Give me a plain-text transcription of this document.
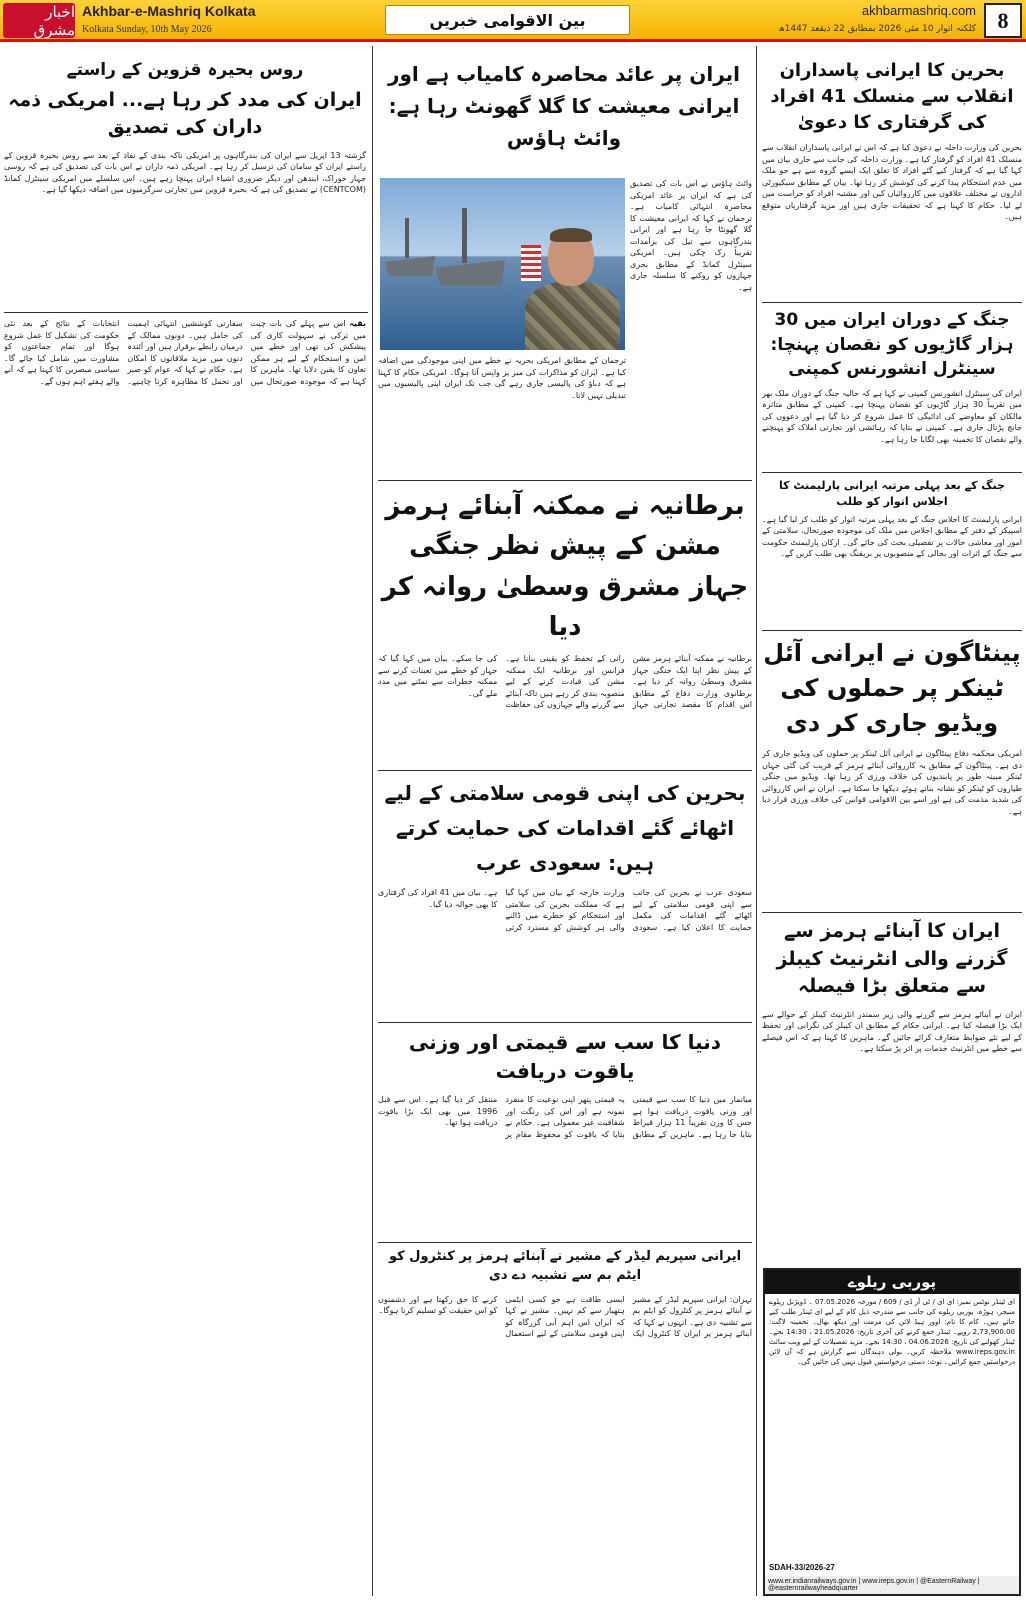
اخبار مشرق
Akhbar-e-Mashriq Kolkata
Kolkata Sunday, 10th May 2026	بین الاقوامی خبریں	akhbarmashriq.com
کلکتہ اتوار 10 مئی 2026 بمطابق 22 ذیقعد 1447ھ 8
بحرین کا ایرانی پاسداران انقلاب سے منسلک 41 افراد کی گرفتاری کا دعویٰ
بحرین کی وزارت داخلہ نے دعویٰ کیا ہے کہ اس نے ایرانی پاسداران انقلاب سے منسلک 41 افراد کو گرفتار کیا ہے۔ وزارت داخلہ کی جانب سے جاری بیان میں کہا گیا ہے کہ گرفتار کیے گئے افراد کا تعلق ایک ایسے گروہ سے ہے جو ملک میں عدم استحکام پیدا کرنے کی کوشش کر رہا تھا۔ بیان کے مطابق سیکیورٹی اداروں نے مختلف علاقوں میں کارروائیاں کیں اور مشتبہ افراد کو حراست میں لے لیا۔ حکام کا کہنا ہے کہ تحقیقات جاری ہیں اور مزید گرفتاریاں متوقع ہیں۔
جنگ کے دوران ایران میں 30 ہزار گاڑیوں کو نقصان پہنچا: سینٹرل انشورنس کمپنی
ایران کی سینٹرل انشورنس کمپنی نے کہا ہے کہ حالیہ جنگ کے دوران ملک بھر میں تقریباً 30 ہزار گاڑیوں کو نقصان پہنچا ہے۔ کمپنی کے مطابق متاثرہ مالکان کو معاوضے کی ادائیگی کا عمل شروع کر دیا گیا ہے اور دعووں کی جانچ پڑتال جاری ہے۔ کمپنی نے بتایا کہ رہائشی اور تجارتی املاک کو پہنچنے والے نقصان کا تخمینہ بھی لگایا جا رہا ہے۔
جنگ کے بعد پہلی مرتبہ ایرانی پارلیمنٹ کا اجلاس اتوار کو طلب
ایرانی پارلیمنٹ کا اجلاس جنگ کے بعد پہلی مرتبہ اتوار کو طلب کر لیا گیا ہے۔ اسپیکر کے دفتر کے مطابق اجلاس میں ملک کی موجودہ صورتحال، سلامتی کے امور اور معاشی حالات پر تفصیلی بحث کی جائے گی۔ ارکان پارلیمنٹ حکومت سے جنگ کے اثرات اور بحالی کے منصوبوں پر بریفنگ بھی طلب کریں گے۔
پینٹاگون نے ایرانی آئل ٹینکر پر حملوں کی ویڈیو جاری کر دی
امریکی محکمہ دفاع پینٹاگون نے ایرانی آئل ٹینکر پر حملوں کی ویڈیو جاری کر دی ہے۔ پینٹاگون کے مطابق یہ کارروائی آبنائے ہرمز کے قریب کی گئی جہاں ٹینکر مبینہ طور پر پابندیوں کی خلاف ورزی کر رہا تھا۔ ویڈیو میں جنگی طیاروں کو ٹینکر کو نشانہ بناتے ہوئے دیکھا جا سکتا ہے۔ ایران نے اس کارروائی کی شدید مذمت کی ہے اور اسے بین الاقوامی قوانین کی خلاف ورزی قرار دیا ہے۔
ایران کا آبنائے ہرمز سے گزرنے والی انٹرنیٹ کیبلز سے متعلق بڑا فیصلہ
ایران نے آبنائے ہرمز سے گزرنے والی زیر سمندر انٹرنیٹ کیبلز کے حوالے سے ایک بڑا فیصلہ کیا ہے۔ ایرانی حکام کے مطابق ان کیبلز کی نگرانی اور تحفظ کے لیے نئے ضوابط متعارف کرائے جائیں گے۔ ماہرین کا کہنا ہے کہ اس فیصلے سے خطے میں انٹرنیٹ خدمات پر اثر پڑ سکتا ہے۔
پوربی ریلوے
ای ٹینڈر نوٹس نمبر: ای ای / ٹی آر ڈی / 609 / مورخہ 07.05.2026 ۔ ڈویژنل ریلوے منیجر، ہوڑہ، پوربی ریلوے کی جانب سے مندرجہ ذیل کام کے لیے ای ٹینڈر طلب کیے جاتے ہیں۔ کام کا نام: اوور ہیڈ لائن کی مرمت اور دیکھ بھال۔ تخمینہ لاگت: 2,73,900.00 روپے۔ ٹینڈر جمع کرنے کی آخری تاریخ: 21.05.2026 ، 14:30 بجے۔ ٹینڈر کھولنے کی تاریخ: 04.06.2026 ، 14:30 بجے۔ مزید تفصیلات کے لیے ویب سائٹ www.ireps.gov.in ملاحظہ کریں۔ بولی دہندگان سے گزارش ہے کہ آن لائن درخواستیں جمع کرائیں۔ نوٹ: دستی درخواستیں قبول نہیں کی جائیں گی۔
SDAH-33/2026-27
www.er.indianrailways.gov.in | www.ireps.gov.in | @EasternRailway | @easternrailwayheadquarter
ایران پر عائد محاصرہ کامیاب ہے اور ایرانی معیشت کا گلا گھونٹ رہا ہے: وائٹ ہاؤس
وائٹ ہاؤس نے اس بات کی تصدیق کی ہے کہ ایران پر عائد امریکی محاصرہ انتہائی کامیاب ہے۔ ترجمان نے کہا کہ ایرانی معیشت کا گلا گھونٹا جا رہا ہے اور ایرانی بندرگاہوں سے تیل کی برآمدات تقریباً رک چکی ہیں۔ امریکی سینٹرل کمانڈ کے مطابق بحری جہازوں کو روکنے کا سلسلہ جاری ہے۔
ترجمان کے مطابق امریکی بحریہ نے خطے میں اپنی موجودگی میں اضافہ کیا ہے۔ ایران کو مذاکرات کی میز پر واپس آنا ہوگا۔ امریکی حکام کا کہنا ہے کہ دباؤ کی پالیسی جاری رہے گی جب تک ایران اپنی پالیسیوں میں تبدیلی نہیں لاتا۔
برطانیہ نے ممکنہ آبنائے ہرمز مشن کے پیش نظر جنگی جہاز مشرق وسطیٰ روانہ کر دیا
برطانیہ نے ممکنہ آبنائے ہرمز مشن کے پیش نظر اپنا ایک جنگی جہاز مشرق وسطیٰ روانہ کر دیا ہے۔ برطانوی وزارت دفاع کے مطابق اس اقدام کا مقصد تجارتی جہاز رانی کے تحفظ کو یقینی بنانا ہے۔ فرانس اور برطانیہ ایک ممکنہ مشن کی قیادت کرنے کے لیے منصوبہ بندی کر رہے ہیں تاکہ آبنائے سے گزرنے والے جہازوں کی حفاظت کی جا سکے۔ بیان میں کہا گیا کہ جہاز کو خطے میں تعینات کرنے سے ممکنہ خطرات سے نمٹنے میں مدد ملے گی۔
بحرین کی اپنی قومی سلامتی کے لیے اٹھائے گئے اقدامات کی حمایت کرتے ہیں: سعودی عرب
سعودی عرب نے بحرین کی جانب سے اپنی قومی سلامتی کے لیے اٹھائے گئے اقدامات کی مکمل حمایت کا اعلان کیا ہے۔ سعودی وزارت خارجہ کے بیان میں کہا گیا ہے کہ مملکت بحرین کی سلامتی اور استحکام کو خطرے میں ڈالنے والی ہر کوشش کو مسترد کرتی ہے۔ بیان میں 41 افراد کی گرفتاری کا بھی حوالہ دیا گیا۔
دنیا کا سب سے قیمتی اور وزنی یاقوت دریافت
میانمار میں دنیا کا سب سے قیمتی اور وزنی یاقوت دریافت ہوا ہے جس کا وزن تقریباً 11 ہزار قیراط بتایا جا رہا ہے۔ ماہرین کے مطابق یہ قیمتی پتھر اپنی نوعیت کا منفرد نمونہ ہے اور اس کی رنگت اور شفافیت غیر معمولی ہے۔ حکام نے بتایا کہ یاقوت کو محفوظ مقام پر منتقل کر دیا گیا ہے۔ اس سے قبل 1996 میں بھی ایک بڑا یاقوت دریافت ہوا تھا۔
ایرانی سپریم لیڈر کے مشیر نے آبنائے ہرمز پر کنٹرول کو ایٹم بم سے تشبیہ دے دی
تہران: ایرانی سپریم لیڈر کے مشیر نے آبنائے ہرمز پر کنٹرول کو ایٹم بم سے تشبیہ دی ہے۔ انہوں نے کہا کہ آبنائے ہرمز پر ایران کا کنٹرول ایک ایسی طاقت ہے جو کسی ایٹمی ہتھیار سے کم نہیں۔ مشیر نے کہا کہ ایران اس اہم آبی گزرگاہ کو اپنی قومی سلامتی کے لیے استعمال کرنے کا حق رکھتا ہے اور دشمنوں کو اس حقیقت کو تسلیم کرنا ہوگا۔
روس بحیرہ قزوین کے راستے
ایران کی مدد کر رہا ہے... امریکی ذمہ داران کی تصدیق
گزشتہ 13 اپریل سے ایران کی بندرگاہوں پر امریکی ناکہ بندی کے نفاذ کے بعد سے روس بحیرہ قزوین کے راستے ایران کو سامان کی ترسیل کر رہا ہے۔ امریکی ذمہ داران نے اس بات کی تصدیق کی ہے کہ روسی جہاز خوراک، ایندھن اور دیگر ضروری اشیاء ایران پہنچا رہے ہیں۔ اس سلسلے میں امریکی سینٹرل کمانڈ (CENTCOM) نے تصدیق کی ہے کہ بحیرہ قزوین میں تجارتی سرگرمیوں میں اضافہ دیکھا گیا ہے۔
بقیہ اس سے پہلے کی بات چیت میں ترکی نے سہولت کاری کی پیشکش کی تھی اور خطے میں امن و استحکام کے لیے ہر ممکن تعاون کا یقین دلایا تھا۔ ماہرین کا کہنا ہے کہ موجودہ صورتحال میں سفارتی کوششیں انتہائی اہمیت کی حامل ہیں۔ دونوں ممالک کے درمیان رابطے برقرار ہیں اور آئندہ دنوں میں مزید ملاقاتوں کا امکان ہے۔ حکام نے کہا کہ عوام کو صبر اور تحمل کا مظاہرہ کرنا چاہیے۔ انتخابات کے نتائج کے بعد نئی حکومت کی تشکیل کا عمل شروع ہوگا اور تمام جماعتوں کو مشاورت میں شامل کیا جائے گا۔ سیاسی مبصرین کا کہنا ہے کہ آنے والے ہفتے اہم ہوں گے۔
